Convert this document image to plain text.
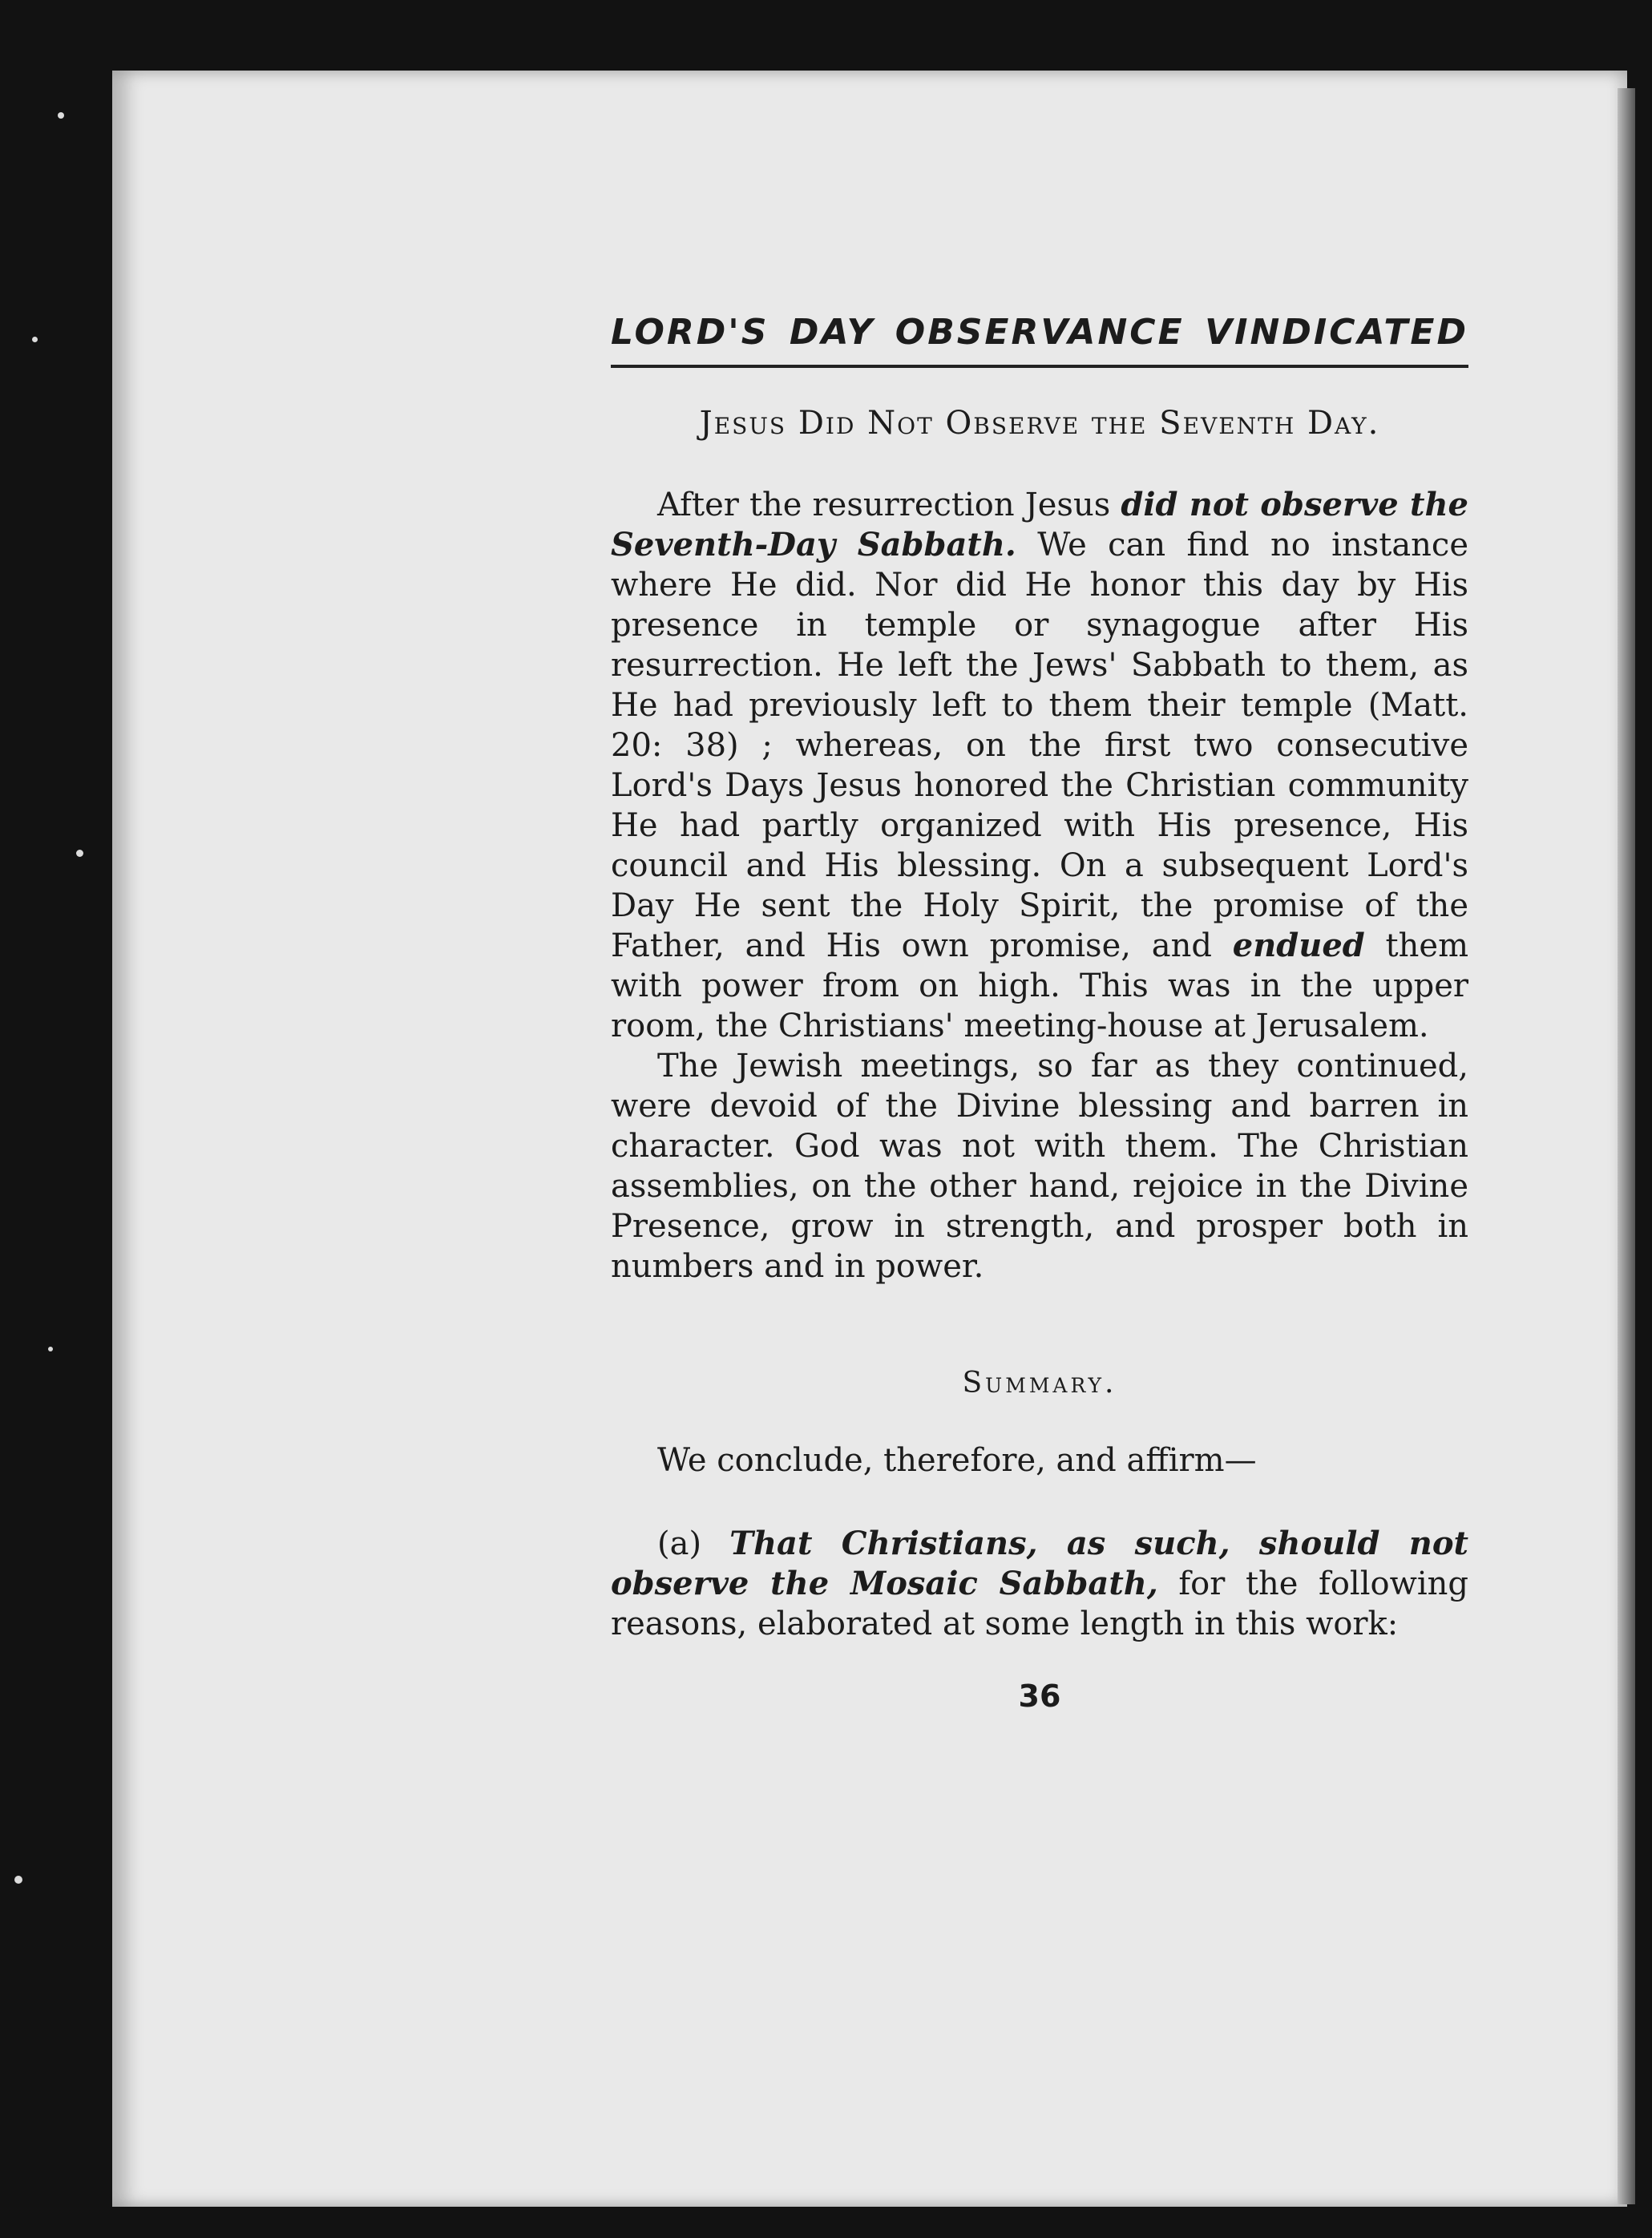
LORD'S DAY OBSERVANCE VINDICATED
Jesus Did Not Observe the Seventh Day.

After the resurrection Jesus did not observe the Seventh-Day Sabbath. We can find no instance where He did. Nor did He honor this day by His presence in temple or synagogue after His resurrection. He left the Jews' Sabbath to them, as He had previously left to them their temple (Matt. 20: 38) ; whereas, on the first two consecutive Lord's Days Jesus honored the Christian community He had partly organized with His presence, His council and His blessing. On a subsequent Lord's Day He sent the Holy Spirit, the promise of the Father, and His own promise, and endued them with power from on high. This was in the upper room, the Christians' meeting-house at Jerusalem.

The Jewish meetings, so far as they continued, were devoid of the Divine blessing and barren in character. God was not with them. The Christian assemblies, on the other hand, rejoice in the Divine Presence, grow in strength, and prosper both in numbers and in power.

Summary.
We conclude, therefore, and affirm—

(a) That Christians, as such, should not observe the Mosaic Sabbath, for the following reasons, elaborated at some length in this work:

36
